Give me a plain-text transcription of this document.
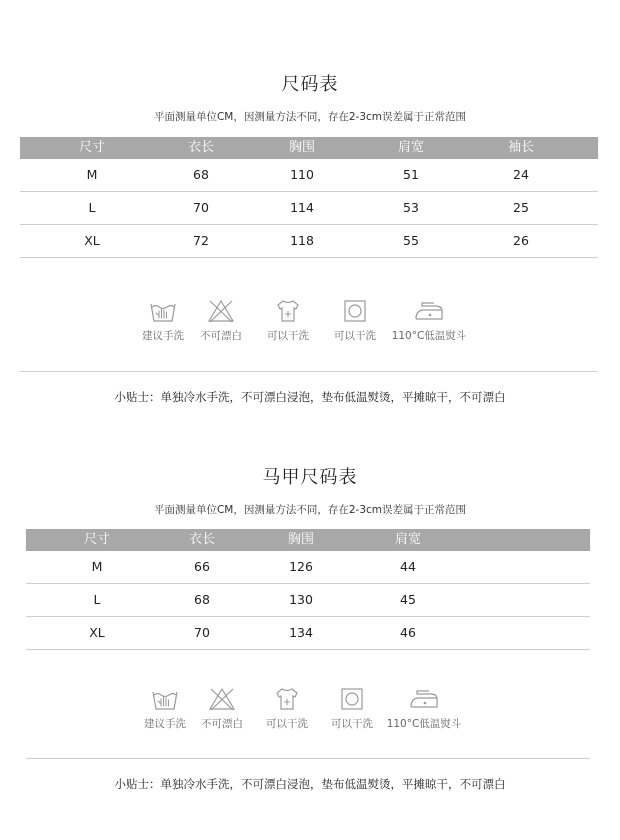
尺码表
平面测量单位CM，因测量方法不同，存在2-3cm误差属于正常范围
尺寸	衣长	胸围	肩宽	袖长
M	68	110	51	24
L	70	114	53	25
XL	72	118	55	26
建议手洗	不可漂白	可以干洗	可以干洗	110°C低温熨斗
小贴士：单独冷水手洗，不可漂白浸泡，垫布低温熨烫，平摊晾干，不可漂白
马甲尺码表
平面测量单位CM，因测量方法不同，存在2-3cm误差属于正常范围
尺寸	衣长	胸围	肩宽
M	66	126	44
L	68	130	45
XL	70	134	46
建议手洗	不可漂白	可以干洗	可以干洗	110°C低温熨斗
小贴士：单独冷水手洗，不可漂白浸泡，垫布低温熨烫，平摊晾干，不可漂白
